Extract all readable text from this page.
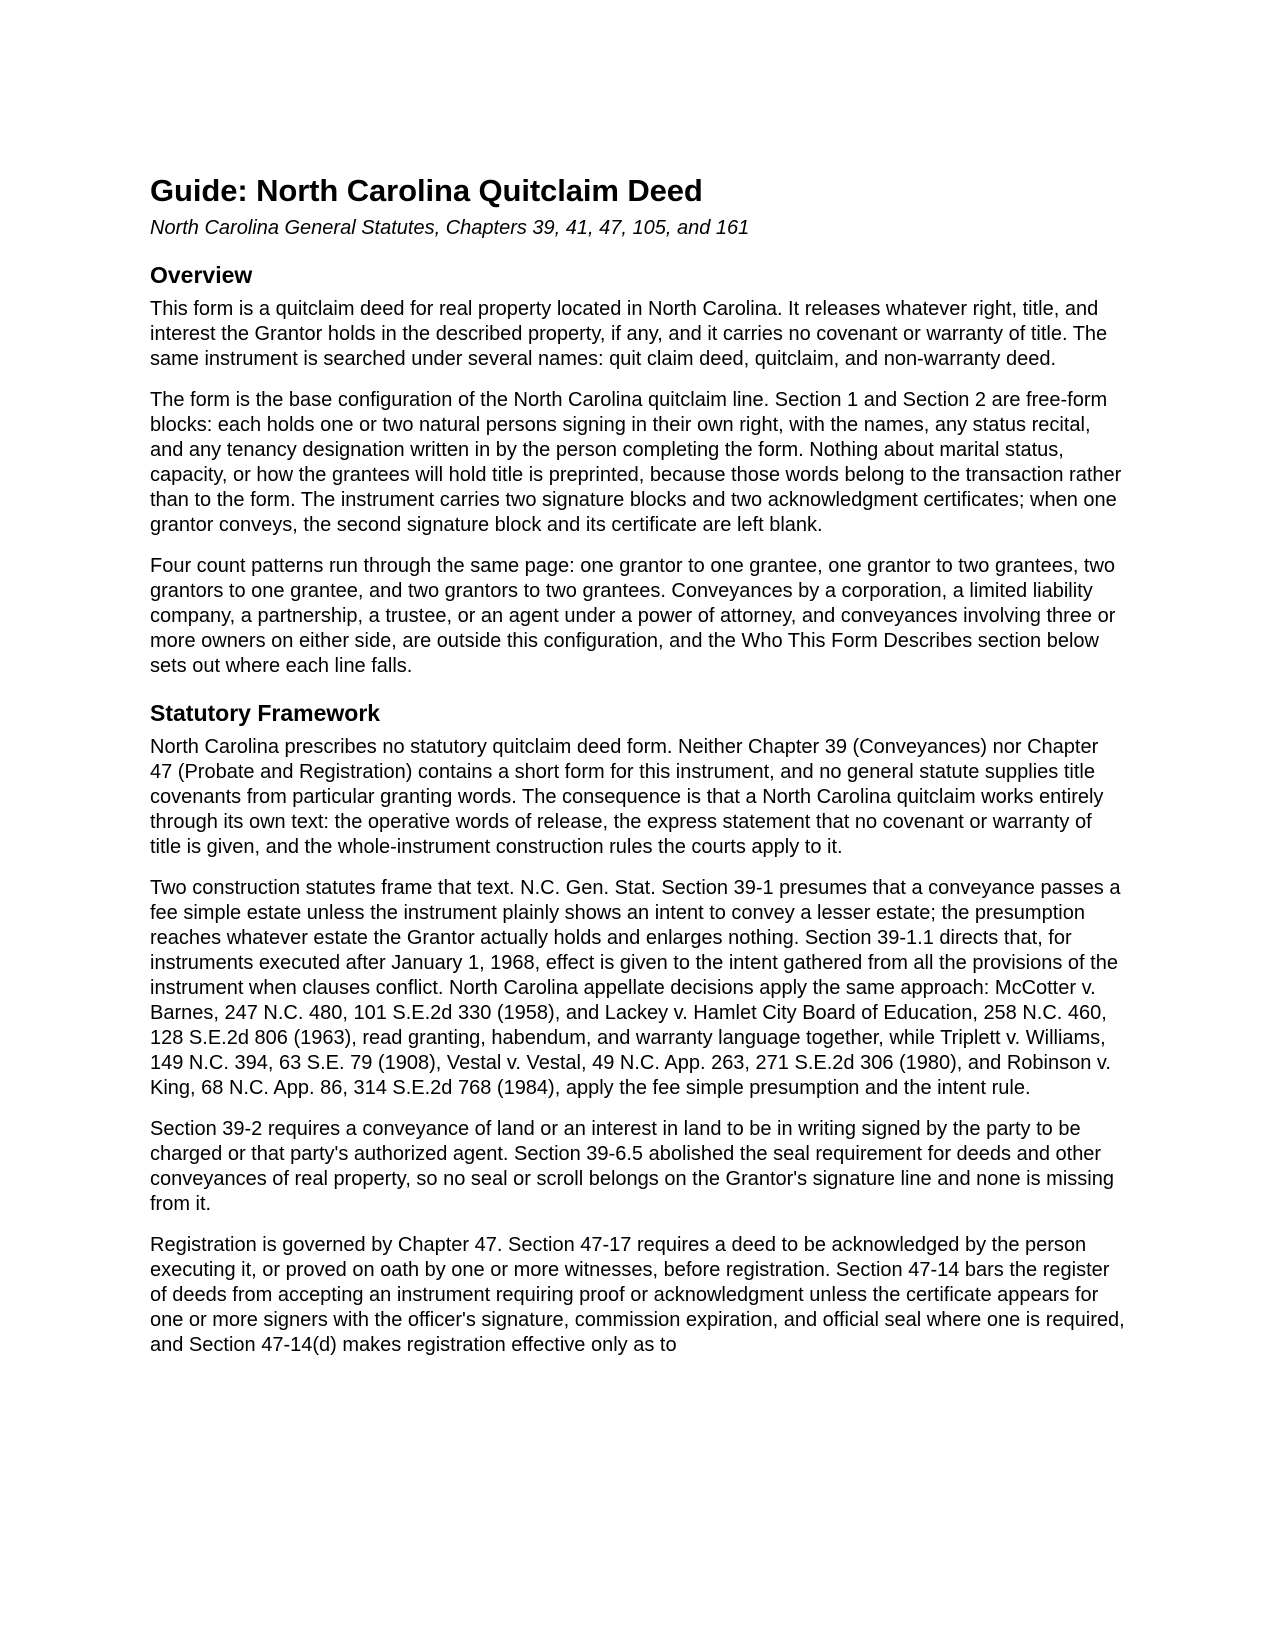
Guide: North Carolina Quitclaim Deed
North Carolina General Statutes, Chapters 39, 41, 47, 105, and 161
Overview

This form is a quitclaim deed for real property located in North Carolina. It releases whatever right, title, and interest the Grantor holds in the described property, if any, and it carries no covenant or warranty of title. The same instrument is searched under several names: quit claim deed, quitclaim, and non-warranty deed.

The form is the base configuration of the North Carolina quitclaim line. Section 1 and Section 2 are free-form blocks: each holds one or two natural persons signing in their own right, with the names, any status recital, and any tenancy designation written in by the person completing the form. Nothing about marital status, capacity, or how the grantees will hold title is preprinted, because those words belong to the transaction rather than to the form. The instrument carries two signature blocks and two acknowledgment certificates; when one grantor conveys, the second signature block and its certificate are left blank.

Four count patterns run through the same page: one grantor to one grantee, one grantor to two grantees, two grantors to one grantee, and two grantors to two grantees. Conveyances by a corporation, a limited liability company, a partnership, a trustee, or an agent under a power of attorney, and conveyances involving three or more owners on either side, are outside this configuration, and the Who This Form Describes section below sets out where each line falls.

Statutory Framework

North Carolina prescribes no statutory quitclaim deed form. Neither Chapter 39 (Conveyances) nor Chapter 47 (Probate and Registration) contains a short form for this instrument, and no general statute supplies title covenants from particular granting words. The consequence is that a North Carolina quitclaim works entirely through its own text: the operative words of release, the express statement that no covenant or warranty of title is given, and the whole-instrument construction rules the courts apply to it.

Two construction statutes frame that text. N.C. Gen. Stat. Section 39-1 presumes that a conveyance passes a fee simple estate unless the instrument plainly shows an intent to convey a lesser estate; the presumption reaches whatever estate the Grantor actually holds and enlarges nothing. Section 39-1.1 directs that, for instruments executed after January 1, 1968, effect is given to the intent gathered from all the provisions of the instrument when clauses conflict. North Carolina appellate decisions apply the same approach: McCotter v. Barnes, 247 N.C. 480, 101 S.E.2d 330 (1958), and Lackey v. Hamlet City Board of Education, 258 N.C. 460, 128 S.E.2d 806 (1963), read granting, habendum, and warranty language together, while Triplett v. Williams, 149 N.C. 394, 63 S.E. 79 (1908), Vestal v. Vestal, 49 N.C. App. 263, 271 S.E.2d 306 (1980), and Robinson v. King, 68 N.C. App. 86, 314 S.E.2d 768 (1984), apply the fee simple presumption and the intent rule.

Section 39-2 requires a conveyance of land or an interest in land to be in writing signed by the party to be charged or that party's authorized agent. Section 39-6.5 abolished the seal requirement for deeds and other conveyances of real property, so no seal or scroll belongs on the Grantor's signature line and none is missing from it.

Registration is governed by Chapter 47. Section 47-17 requires a deed to be acknowledged by the person executing it, or proved on oath by one or more witnesses, before registration. Section 47-14 bars the register of deeds from accepting an instrument requiring proof or acknowledgment unless the certificate appears for one or more signers with the officer's signature, commission expiration, and official seal where one is required, and Section 47-14(d) makes registration effective only as to
